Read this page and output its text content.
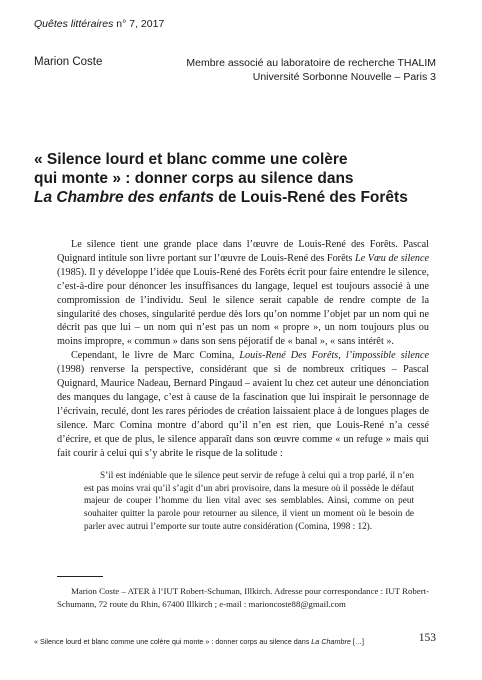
Quêtes littéraires n° 7, 2017
Marion Coste	Membre associé au laboratoire de recherche THALIM
Université Sorbonne Nouvelle – Paris 3
« Silence lourd et blanc comme une colère
qui monte » : donner corps au silence dans
La Chambre des enfants de Louis-René des Forêts

Le silence tient une grande place dans l’œuvre de Louis-René des Forêts. Pascal Quignard intitule son livre portant sur l’œuvre de Louis-René des Forêts Le Vœu de silence (1985). Il y développe l’idée que Louis-René des Forêts écrit pour faire entendre le silence, c’est-à-dire pour dénoncer les insuffisances du langage, lequel est toujours associé à une compromission de l’individu. Seul le silence serait capable de rendre compte de la singularité des choses, singularité perdue dès lors qu’on nomme l’objet par un nom qui ne décrit pas que lui – un nom qui n’est pas un nom « propre », un nom toujours plus ou moins impropre, « commun » dans son sens péjoratif de « banal », « sans intérêt ».

Cependant, le livre de Marc Comina, Louis-René Des Forêts, l’impossible silence (1998) renverse la perspective, considérant que si de nombreux critiques – Pascal Quignard, Maurice Nadeau, Bernard Pingaud – avaient lu chez cet auteur une dénonciation des manques du langage, c’est à cause de la fascination que lui inspirait le personnage de l’écrivain, reculé, dont les rares périodes de création laissaient place à de longues plages de silence. Marc Comina montre d’abord qu’il n’en est rien, que Louis-René n’a cessé d’écrire, et que de plus, le silence apparaît dans son œuvre comme « un refuge » mais qui fait courir à celui qui s’y abrite le risque de la solitude :

S’il est indéniable que le silence peut servir de refuge à celui qui a trop parlé, il n’en est pas moins vrai qu’il s’agit d’un abri provisoire, dans la mesure où il possède le défaut majeur de couper l’homme du lien vital avec ses semblables. Ainsi, comme on peut souhaiter quitter la parole pour retourner au silence, il vient un moment où le besoin de parler avec autrui l’emporte sur toute autre considération (Comina, 1998 : 12).

Marion Coste – ATER à l’IUT Robert-Schuman, Illkirch. Adresse pour correspondance : IUT Robert-Schumann, 72 route du Rhin, 67400 Illkirch ; e-mail : marioncoste88@gmail.com

« Silence lourd et blanc comme une colère qui monte » : donner corps au silence dans La Chambre […]	153
